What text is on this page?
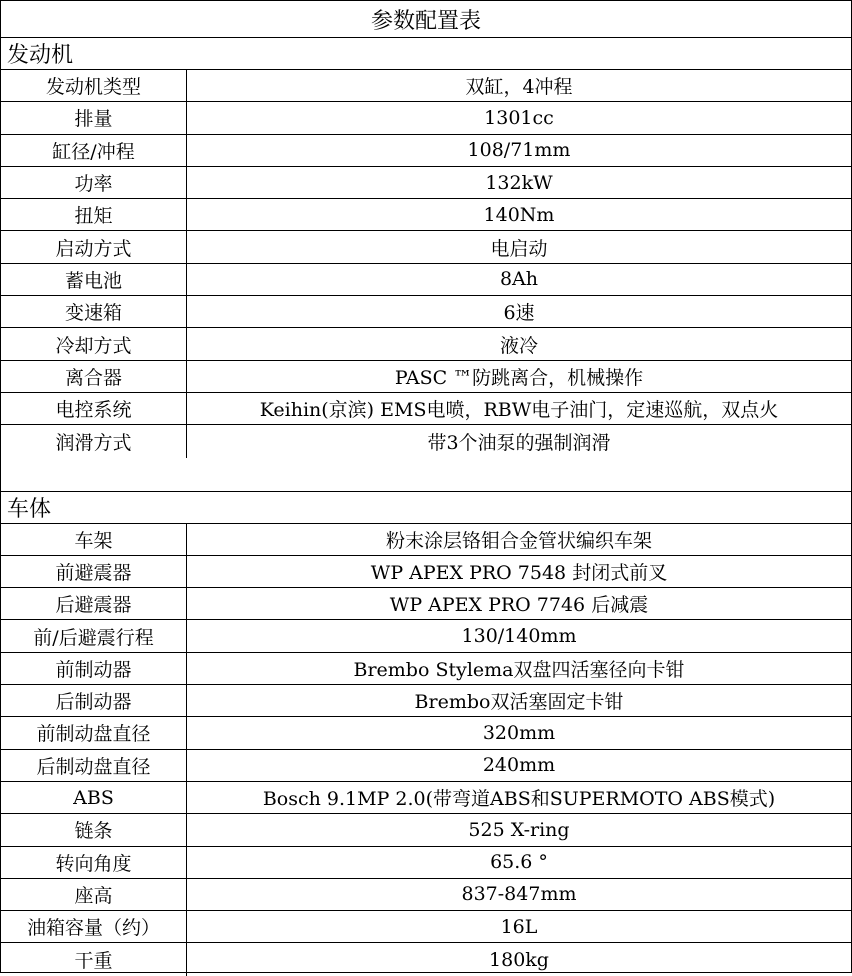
参数配置表
发动机
发动机类型	双缸，4冲程
排量	1301cc
缸径/冲程	108/71mm
功率	132kW
扭矩	140Nm
启动方式	电启动
蓄电池	8Ah
变速箱	6速
冷却方式	液冷
离合器	PASC ™防跳离合，机械操作
电控系统	Keihin(京滨) EMS电喷，RBW电子油门，定速巡航，双点火
润滑方式	带3个油泵的强制润滑
车体
车架	粉末涂层铬钼合金管状编织车架
前避震器	WP APEX PRO 7548 封闭式前叉
后避震器	WP APEX PRO 7746 后减震
前/后避震行程	130/140mm
前制动器	Brembo Stylema双盘四活塞径向卡钳
后制动器	Brembo双活塞固定卡钳
前制动盘直径	320mm
后制动盘直径	240mm
ABS	Bosch 9.1MP 2.0(带弯道ABS和SUPERMOTO ABS模式)
链条	525 X-ring
转向角度	65.6 °
座高	837-847mm
油箱容量（约）	16L
干重	180kg
